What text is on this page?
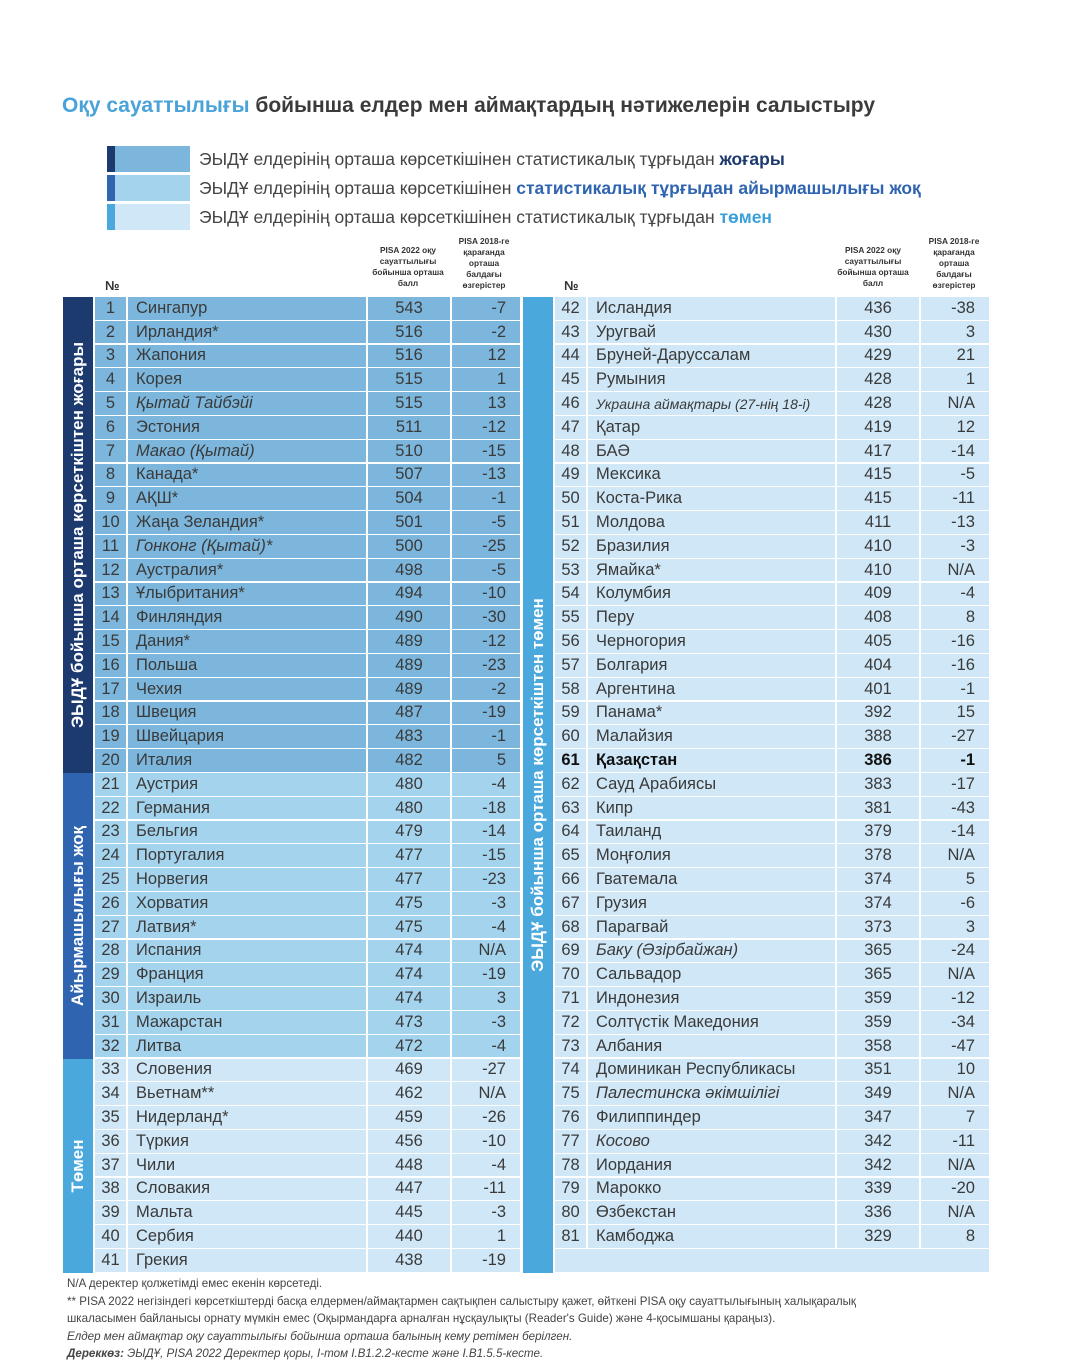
Оқу сауаттылығы бойынша елдер мен аймақтардың нәтижелерін салыстыру
ЭЫДҰ елдерінің орташа көрсеткішінен статистикалық тұрғыдан жоғары
ЭЫДҰ елдерінің орташа көрсеткішінен статистикалық тұрғыдан айырмашылығы жоқ
ЭЫДҰ елдерінің орташа көрсеткішінен статистикалық тұрғыдан төмен
№
PISA 2022 оқу сауаттылығы бойынша орташа балл
PISA 2018-ге қарағанда орташа балдағы өзгерістер	№
PISA 2022 оқу сауаттылығы бойынша орташа балл
PISA 2018-ге қарағанда орташа балдағы өзгерістер
ЭЫДҰ бойынша орташа көрсеткіштен жоғары
Айырмашылығы жоқ
Төмен
1	Сингапур	543	-7
2	Ирландия*	516	-2
3	Жапония	516	12
4	Корея	515	1
5	Қытай Тайбэйі	515	13
6	Эстония	511	-12
7	Макао (Қытай)	510	-15
8	Канада*	507	-13
9	АҚШ*	504	-1
10 Жаңа Зеландия*	501	-5
11	Гонконг (Қытай)*	500	-25
12 Аустралия*	498	-5
13 Ұлыбритания*	494	-10
14 Финляндия	490	-30
15 Дания*	489	-12
16 Польша	489	-23
17 Чехия	489	-2
18 Швеция	487	-19
19 Швейцария	483	-1
20 Италия	482	5
21 Аустрия	480	-4
22 Германия	480	-18
23 Бельгия	479	-14
24 Португалия	477	-15
25 Норвегия	477	-23
26 Хорватия	475	-3
27 Латвия*	475	-4
28 Испания	474	N/A
29 Франция	474	-19
30 Израиль	474	3
31 Мажарстан	473	-3
32 Литва	472	-4
33 Словения	469	-27
34 Вьетнам**	462	N/A
35 Нидерланд*	459	-26
36 Түркия	456	-10
37 Чили	448	-4
38 Словакия	447	-11
39 Мальта	445	-3
40 Сербия	440	1
41 Грекия	438	-19
ЭЫДҰ бойынша орташа көрсеткіштен төмен
42 Исландия	436	-38
43 Уругвай	430	3
44 Бруней-Даруссалам	429	21
45 Румыния	428	1
46	Украина аймақтары (27-нің 18-і)	428	N/A
47 Қатар	419	12
48 БАӘ	417	-14
49 Мексика	415	-5
50 Коста-Рика	415	-11
51 Молдова	411	-13
52 Бразилия	410	-3
53 Ямайка*	410	N/A
54 Колумбия	409	-4
55 Перу	408	8
56 Черногория	405	-16
57 Болгария	404	-16
58 Аргентина	401	-1
59 Панама*	392	15
60 Малайзия	388	-27
61 Қазақстан	386	-1
62 Сауд Арабиясы	383	-17
63 Кипр	381	-43
64 Таиланд	379	-14
65 Моңғолия	378	N/A
66 Гватемала	374	5
67 Грузия	374	-6
68 Парагвай	373	3
69 Баку (Әзірбайжан)	365	-24
70 Сальвадор	365	N/A
71 Индонезия	359	-12
72 Солтүстік Македония	359	-34
73 Албания	358	-47
74 Доминикан Республикасы	351	10
75 Палестинска әкімшілігі	349	N/A
76 Филиппиндер	347	7
77 Косово	342	-11
78 Иордания	342	N/A
79 Марокко	339	-20
80 Өзбекстан	336	N/A
81 Камбоджа	329	8
N/A деректер қолжетімді емес екенін көрсетеді.
** PISA 2022 негізіндегі көрсеткіштерді басқа елдермен/аймақтармен сақтықпен салыстыру қажет, өйткені PISA оқу сауаттылығының халықаралық
шкаласымен байланысы орнату мүмкін емес (Оқырмандарға арналған нұсқаулықты (Reader's Guide) және 4-қосымшаны қараңыз).
Елдер мен аймақтар оқу сауаттылығы бойынша орташа балының кему ретімен берілген.
Дереккөз: ЭЫДҰ, PISA 2022 Деректер қоры, I-том I.B1.2.2-кесте және I.B1.5.5-кесте.
